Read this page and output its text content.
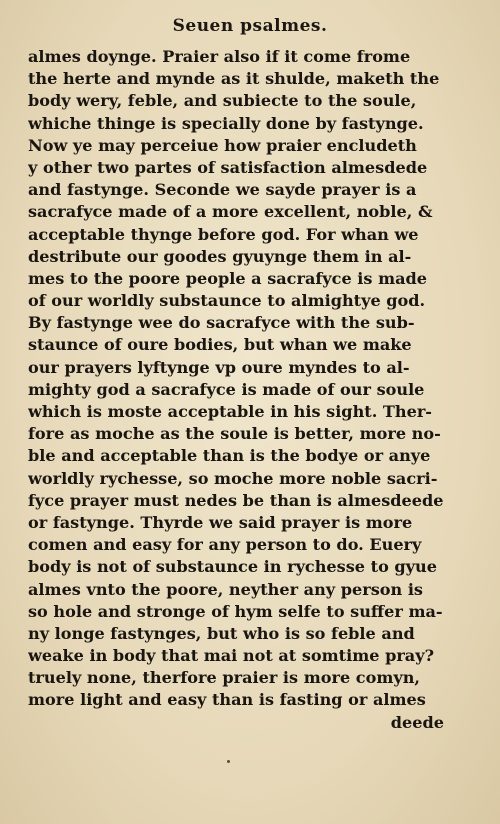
Seuen psalmes.
almes doynge. Praier also if it come frome
the herte and mynde as it shulde, maketh the
body wery, feble, and subiecte to the soule,
whiche thinge is specially done by fastynge.
Now ye may perceiue how praier encludeth
y other two partes of satisfaction almesdede
and fastynge. Seconde we sayde prayer is a
sacrafyce made of a more excellent, noble, &
acceptable thynge before god. For whan we
destribute our goodes gyuynge them in al-
mes to the poore people a sacrafyce is made
of our worldly substaunce to almightye god.
By fastynge wee do sacrafyce with the sub-
staunce of oure bodies, but whan we make
our prayers lyftynge vp oure myndes to al-
mighty god a sacrafyce is made of our soule
which is moste acceptable in his sight. Ther-
fore as moche as the soule is better, more no-
ble and acceptable than is the bodye or anye
worldly rychesse, so moche more noble sacri-
fyce prayer must nedes be than is almesdeede
or fastynge. Thyrde we said prayer is more
comen and easy for any person to do. Euery
body is not of substaunce in rychesse to gyue
almes vnto the poore, neyther any person is
so hole and stronge of hym selfe to suffer ma-
ny longe fastynges, but who is so feble and
weake in body that mai not at somtime pray?
truely none, therfore praier is more comyn,
more light and easy than is fasting or almes
deede
